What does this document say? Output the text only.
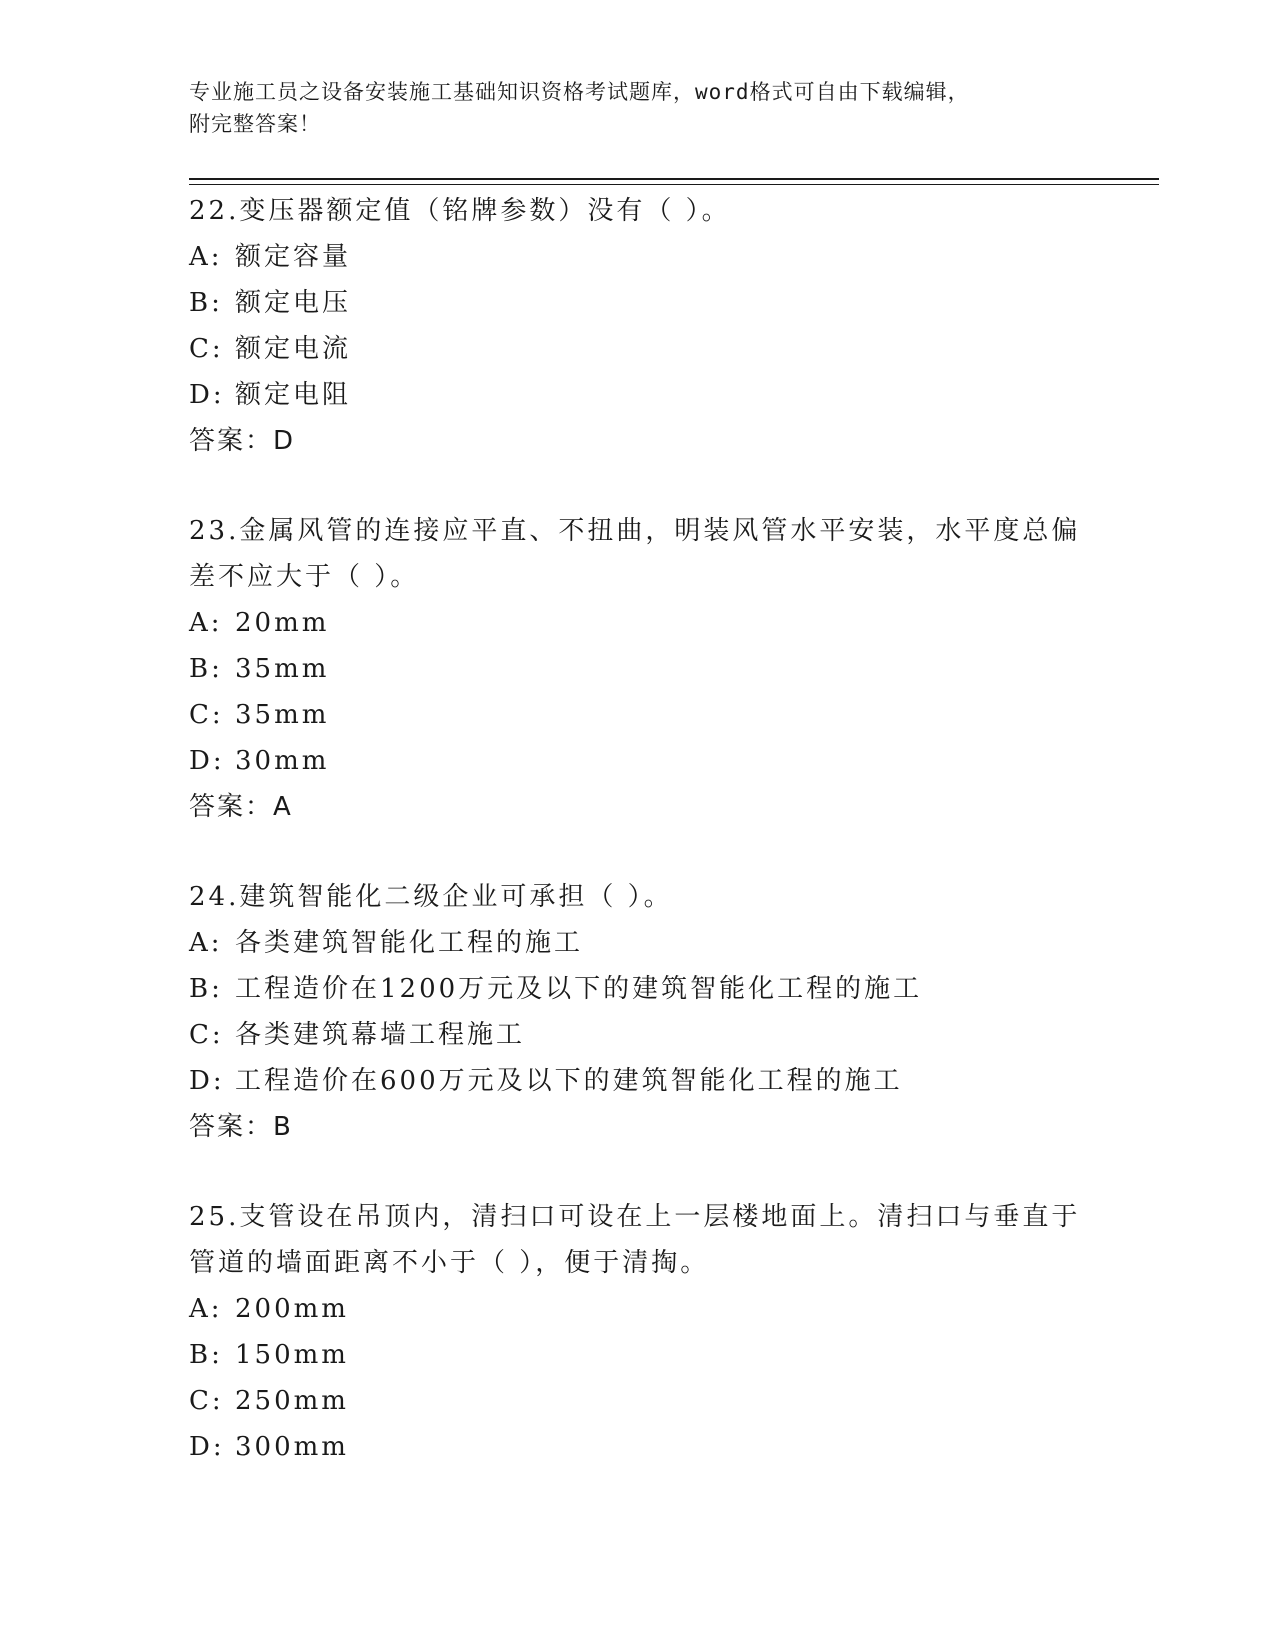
专业施工员之设备安装施工基础知识资格考试题库，word格式可自由下载编辑，
附完整答案！
22.变压器额定值（铭牌参数）没有（ ）。
A: 额定容量
B: 额定电压
C: 额定电流
D: 额定电阻
答案：D
23.金属风管的连接应平直、不扭曲，明装风管水平安装，水平度总偏
差不应大于（ ）。
A: 20mm
B: 35mm
C: 35mm
D: 30mm
答案：A
24.建筑智能化二级企业可承担（ ）。
A: 各类建筑智能化工程的施工
B: 工程造价在1200万元及以下的建筑智能化工程的施工
C: 各类建筑幕墙工程施工
D: 工程造价在600万元及以下的建筑智能化工程的施工
答案：B
25.支管设在吊顶内，清扫口可设在上一层楼地面上。清扫口与垂直于
管道的墙面距离不小于（ ），便于清掏。
A: 200mm
B: 150mm
C: 250mm
D: 300mm
